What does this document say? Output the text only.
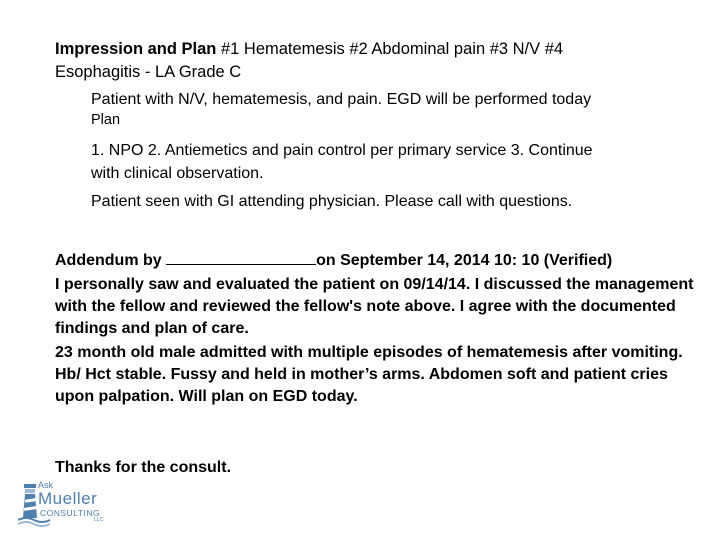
Impression and Plan #1 Hematemesis #2 Abdominal pain #3 N/V #4
Esophagitis - LA Grade C
Patient with N/V, hematemesis, and pain. EGD will be performed today
Plan
1. NPO 2. Antiemetics and pain control per primary service 3. Continue
with clinical observation.
Patient seen with GI attending physician. Please call with questions.

Addendum by	on September 14, 2014 10: 10 (Verified)

I personally saw and evaluated the patient on 09/14/14. I discussed the management with the fellow and reviewed the fellow's note above. I agree with the documented findings and plan of care.

23 month old male admitted with multiple episodes of hematemesis after vomiting. Hb/ Hct stable. Fussy and held in mother’s arms. Abdomen soft and patient cries upon palpation. Will plan on EGD today.

Thanks for the consult.
Ask
Mueller
CONSULTING
LLC
